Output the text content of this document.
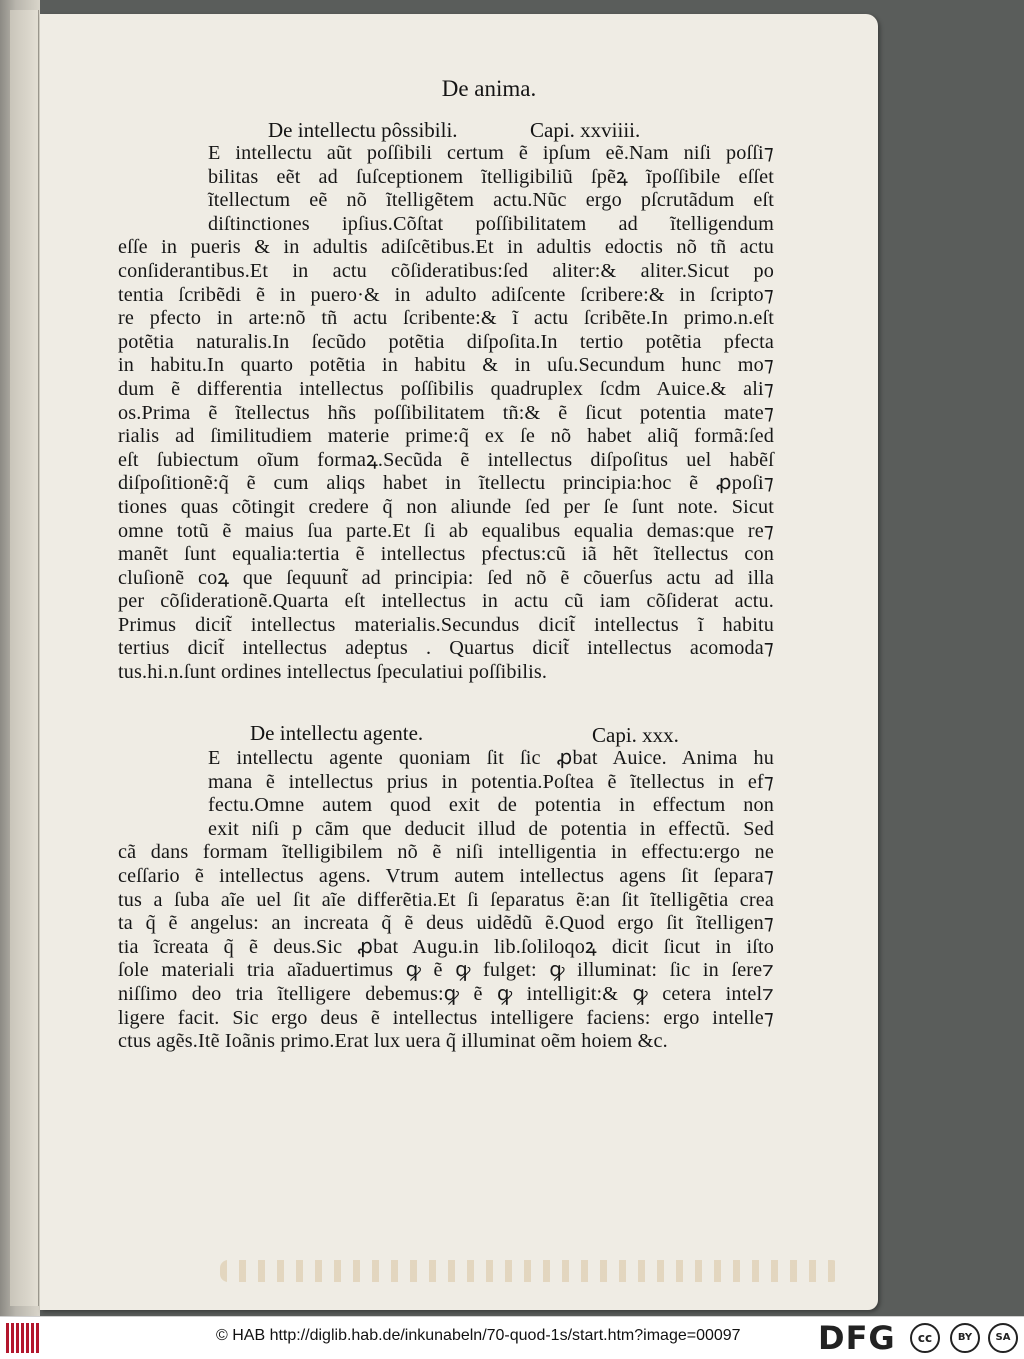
De anima.
De intellectu pȏssibili.	Capi. xxviiii.
E intellectu aũt poſſibili certum ẽ ipſum eẽ.Nam niſi poſſi⁊
bilitas eẽt ad ſuſceptionem ĩtelligibiliũ ſpẽꝝ ĩpoſſibile eſſet
ĩtellectum eẽ nõ ĩtelligẽtem actu.Nũc ergo pſcrutãdum eſt
diſtinctiones ipſius.Cõſtat poſſibilitatem ad ĩtelligendum
eſſe in pueris & in adultis adiſcẽtibus.Et in adultis edoctis nõ tñ actu
conſiderantibus.Et in actu cõſideratibus:ſed aliter:& aliter.Sicut po
tentia ſcribẽdi ẽ in puero·& in adulto adiſcente ſcribere:& in ſcripto⁊
re pfecto in arte:nõ tñ actu ſcribente:& ĩ actu ſcribẽte.In primo.n.eſt
potẽtia naturalis.In ſecũdo potẽtia diſpoſita.In tertio potẽtia pfecta
in habitu.In quarto potẽtia in habitu & in uſu.Secundum hunc mo⁊
dum ẽ differentia intellectus poſſibilis quadruplex ſcdm Auice.& ali⁊
os.Prima ẽ ĩtellectus hñs poſſibilitatem tñ:& ẽ ſicut potentia mate⁊
rialis ad ſimilitudiem materie prime:q̃ ex ſe nõ habet aliq̃ formã:ſed
eſt ſubiectum oĩum formaꝝ.Secũda ẽ intellectus diſpoſitus uel habẽſ
diſpoſitionẽ:q̃ ẽ cum aliqs habet in ĩtellectu principia:hoc ẽ ꝓpoſi⁊
tiones quas cõtingit credere q̃ non aliunde ſed per ſe ſunt note. Sicut
omne totũ ẽ maius ſua parte.Et ſi ab equalibus equalia demas:que re⁊
manẽt ſunt equalia:tertia ẽ intellectus pfectus:cũ iã hẽt ĩtellectus con
cluſionẽ coꝝ que ſequunt̃ ad principia: ſed nõ ẽ cõuerſus actu ad illa
per cõſiderationẽ.Quarta eſt intellectus in actu cũ iam cõſiderat actu.
Primus dicit̃ intellectus materialis.Secundus dicit̃ intellectus ĩ habitu
tertius dicit̃ intellectus adeptus . Quartus dicit̃ intellectus acomoda⁊
tus.hi.n.ſunt ordines intellectus ſpeculatiui poſſibilis.
De intellectu agente.	Capi. xxx.
E intellectu agente quoniam ſit ſic ꝓbat Auice. Anima hu
mana ẽ intellectus prius in potentia.Poſtea ẽ ĩtellectus in ef⁊
fectu.Omne autem quod exit de potentia in effectum non
exit niſi p cãm que deducit illud de potentia in effectũ. Sed
cã dans formam ĩtelligibilem nõ ẽ niſi intelligentia in effectu:ergo ne
ceſſario ẽ intellectus agens. Vtrum autem intellectus agens ſit ſepara⁊
tus a ſuba aĩe uel ſit aĩe differẽtia.Et ſi ſeparatus ẽ:an ſit ĩtelligẽtia crea
ta q̃ ẽ angelus: an increata q̃ ẽ deus uidẽdũ ẽ.Quod ergo ſit ĩtelligen⁊
tia ĩcreata q̃ ẽ deus.Sic ꝓbat Augu.in lib.ſoliloqoꝝ dicit ſicut in iſto
ſole materiali tria aĩaduertimus ꝙ ẽ ꝙ fulget: ꝙ illuminat: ſic in ſere⁊
niſſimo deo tria ĩtelligere debemus:ꝙ ẽ ꝙ intelligit:& ꝙ cetera intel⁊
ligere facit. Sic ergo deus ẽ intellectus intelligere faciens: ergo intelle⁊
ctus agẽs.Itẽ Ioãnis primo.Erat lux uera q̃ illuminat oẽm hoiem &c.
© HAB http://diglib.hab.de/inkunabeln/70-quod-1s/start.htm?image=00097 DFG	cc	BY	SA
